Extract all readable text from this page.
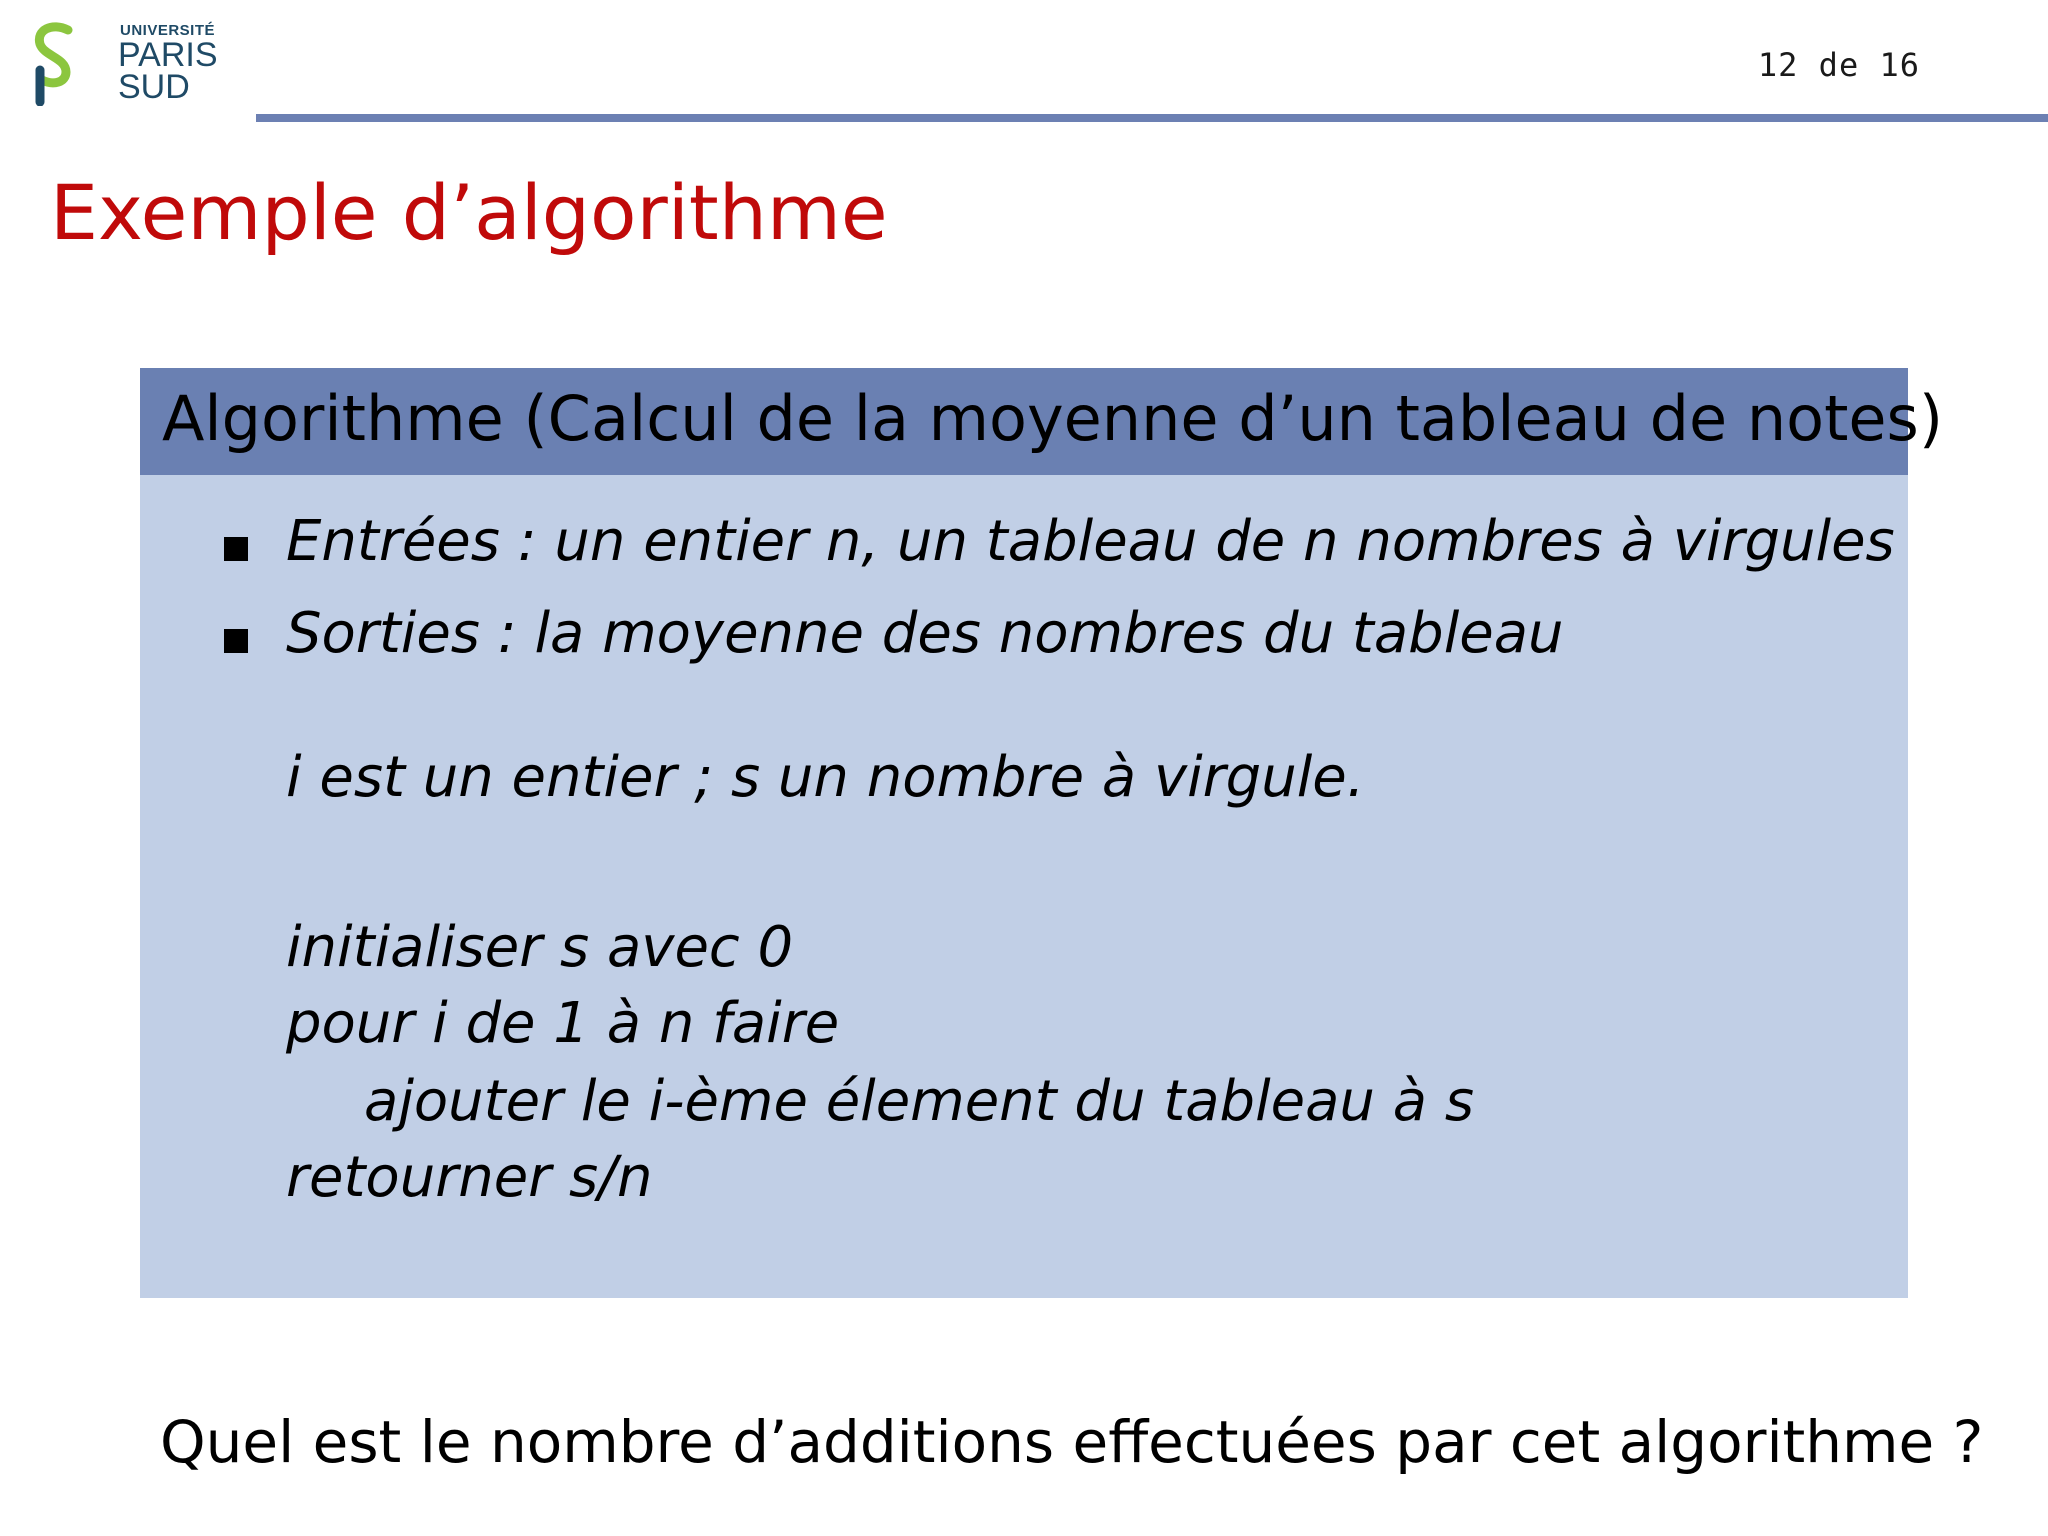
UNIVERSITÉ
PARIS
SUD
12 de 16
Exemple d’algorithme
Algorithme (Calcul de la moyenne d’un tableau de notes)
Entrées : un entier n, un tableau de n nombres à virgules
Sorties : la moyenne des nombres du tableau
i est un entier ; s un nombre à virgule.
initialiser s avec 0
pour i de 1 à n faire
ajouter le i-ème élement du tableau à s
retourner s/n
Quel est le nombre d’additions effectuées par cet algorithme ?
